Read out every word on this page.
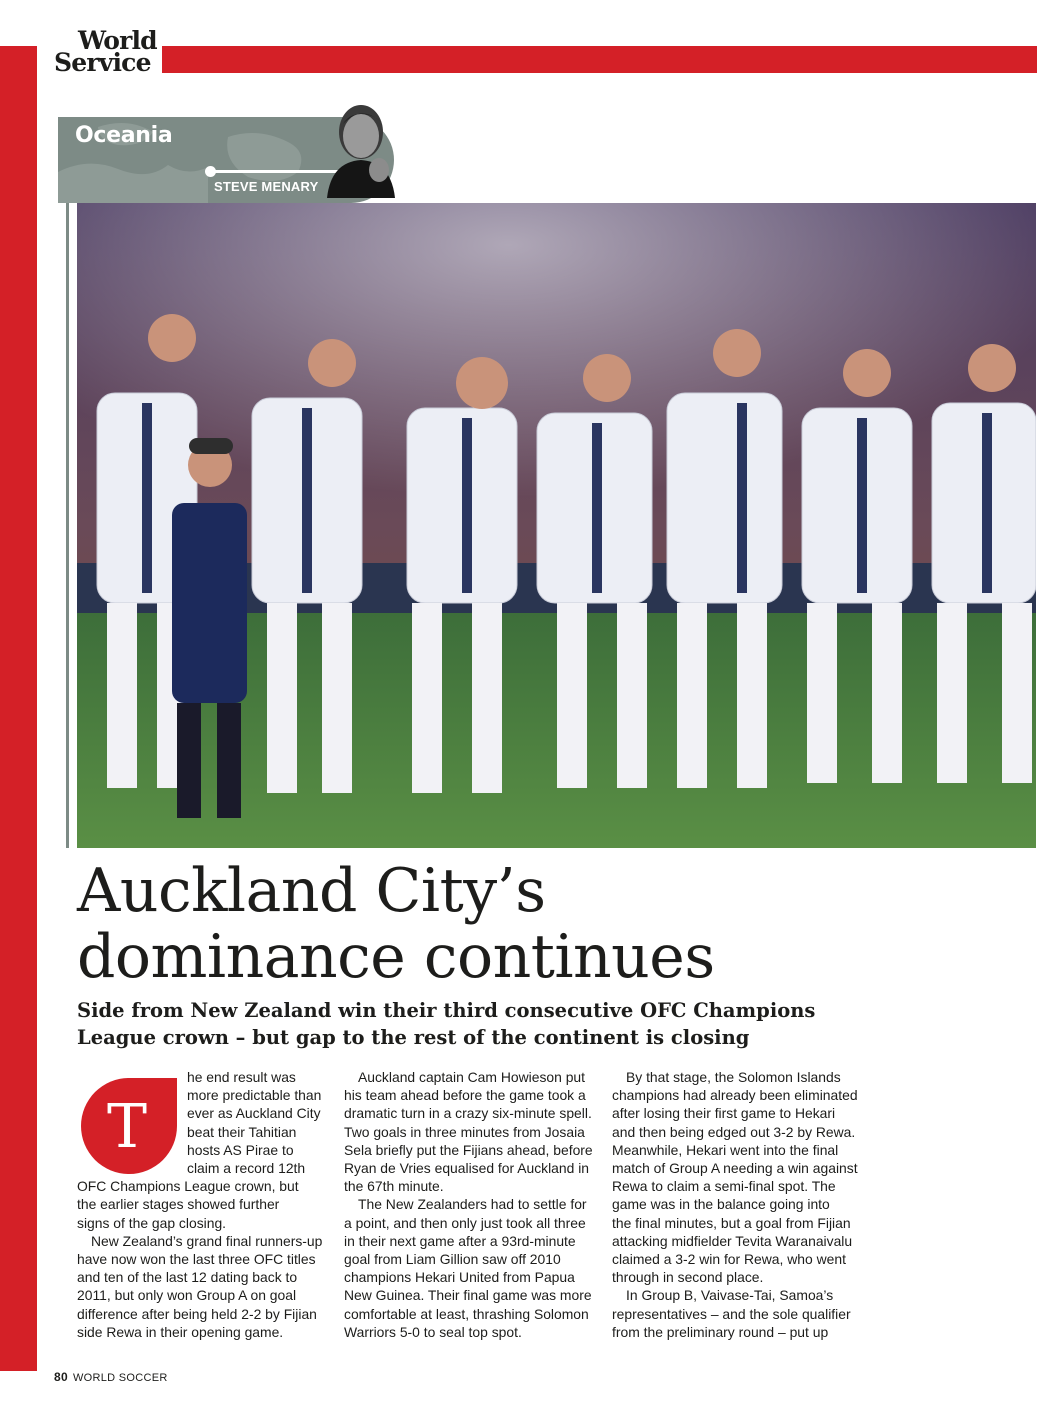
World
Service
Oceania
STEVE MENARY
Auckland City’s
dominance continues
Side from New Zealand win their third consecutive OFC Champions
League crown – but gap to the rest of the continent is closing
T
he end result was
more predictable than
ever as Auckland City
beat their Tahitian
hosts AS Pirae to
claim a record 12th
OFC Champions League crown, but
the earlier stages showed further
signs of the gap closing.
New Zealand’s grand final runners-up
have now won the last three OFC titles
and ten of the last 12 dating back to
2011, but only won Group A on goal
difference after being held 2-2 by Fijian
side Rewa in their opening game.
Auckland captain Cam Howieson put
his team ahead before the game took a
dramatic turn in a crazy six-minute spell.
Two goals in three minutes from Josaia
Sela briefly put the Fijians ahead, before
Ryan de Vries equalised for Auckland in
the 67th minute.
The New Zealanders had to settle for
a point, and then only just took all three
in their next game after a 93rd-minute
goal from Liam Gillion saw off 2010
champions Hekari United from Papua
New Guinea. Their final game was more
comfortable at least, thrashing Solomon
Warriors 5-0 to seal top spot.
By that stage, the Solomon Islands
champions had already been eliminated
after losing their first game to Hekari
and then being edged out 3-2 by Rewa.
Meanwhile, Hekari went into the final
match of Group A needing a win against
Rewa to claim a semi-final spot. The
game was in the balance going into
the final minutes, but a goal from Fijian
attacking midfielder Tevita Waranaivalu
claimed a 3-2 win for Rewa, who went
through in second place.
In Group B, Vaivase-Tai, Samoa’s
representatives – and the sole qualifier
from the preliminary round – put up
80 WORLD SOCCER
